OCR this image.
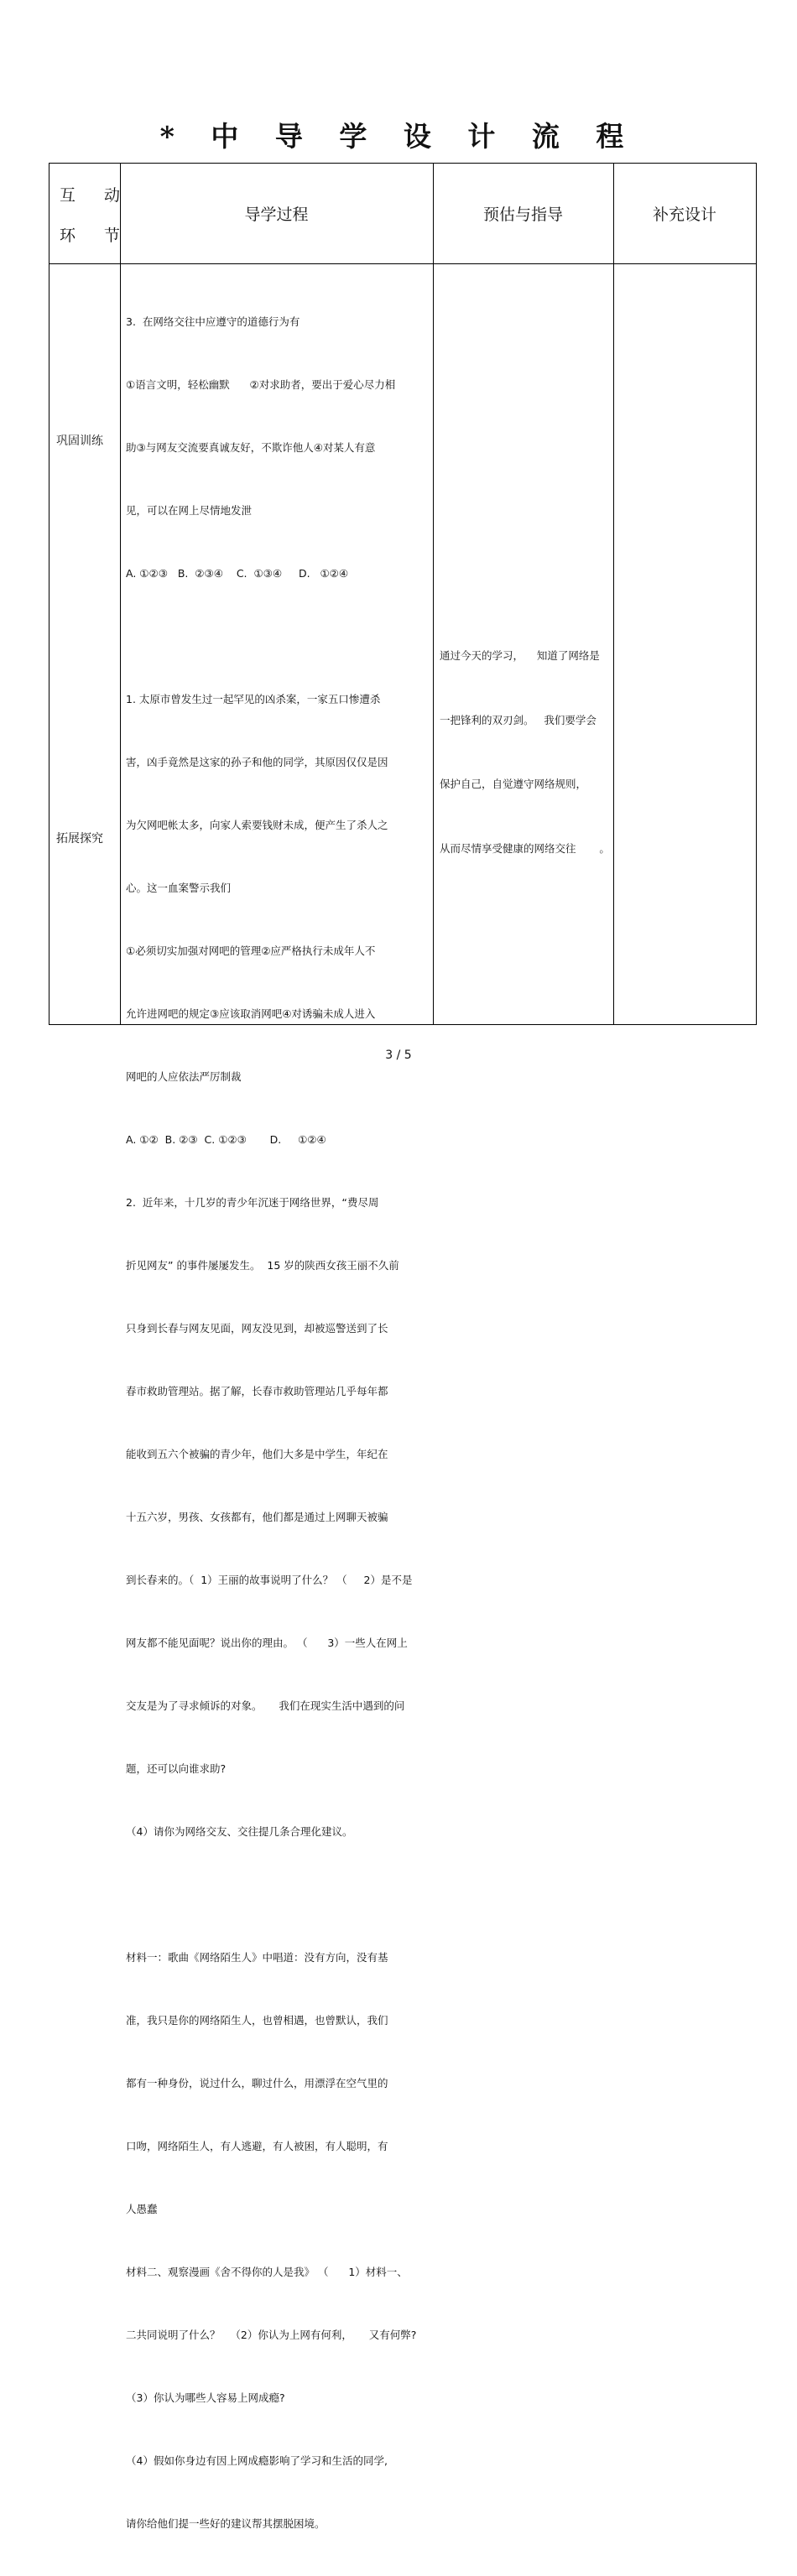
* 中 导 学 设 计 流 程
互 动
环 节
导学过程	预估与指导	补充设计
巩固训练
拓展探究

3.  在网络交往中应遵守的道德行为有

①语言文明，轻松幽默      ②对求助者，要出于爱心尽力相

助③与网友交流要真诚友好，不欺诈他人④对某人有意

见，可以在网上尽情地发泄

A. ①②③   B.  ②③④    C.  ①③④     D.   ①②④

1. 太原市曾发生过一起罕见的凶杀案，一家五口惨遭杀

害，凶手竟然是这家的孙子和他的同学，其原因仅仅是因

为欠网吧帐太多，向家人索要钱财未成，便产生了杀人之

心。这一血案警示我们

①必须切实加强对网吧的管理②应严格执行未成年人不

允许进网吧的规定③应该取消网吧④对诱骗未成人进入

网吧的人应依法严厉制裁

A. ①②  B. ②③  C. ①②③       D.     ①②④

2.  近年来，十几岁的青少年沉迷于网络世界，“费尽周

折见网友” 的事件屡屡发生。  15 岁的陕西女孩王丽不久前

只身到长春与网友见面，网友没见到，却被巡警送到了长

春市救助管理站。据了解，长春市救助管理站几乎每年都

能收到五六个被骗的青少年，他们大多是中学生，年纪在

十五六岁，男孩、女孩都有，他们都是通过上网聊天被骗

到长春来的。（  1）王丽的故事说明了什么？ （     2）是不是

网友都不能见面呢？说出你的理由。 （      3）一些人在网上

交友是为了寻求倾诉的对象。     我们在现实生活中遇到的问

题，还可以向谁求助?

（4）请你为网络交友、交往提几条合理化建议。

材料一：歌曲《网络陌生人》中唱道：没有方向，没有基

准，我只是你的网络陌生人，也曾相遇，也曾默认，我们

都有一种身份，说过什么，聊过什么，用漂浮在空气里的

口吻，网络陌生人，有人逃避，有人被困，有人聪明，有

人愚蠢

材料二、观察漫画《舍不得你的人是我》 （      1）材料一、

二共同说明了什么？   （2）你认为上网有何利，     又有何弊?

（3）你认为哪些人容易上网成瘾?

（4）假如你身边有因上网成瘾影响了学习和生活的同学,

请你给他们提一些好的建议帮其摆脱困境。

通过今天的学习，    知道了网络是

一把锋利的双刃剑。   我们要学会

保护自己，自觉遵守网络规则，

从而尽情享受健康的网络交往       。

3 / 5
